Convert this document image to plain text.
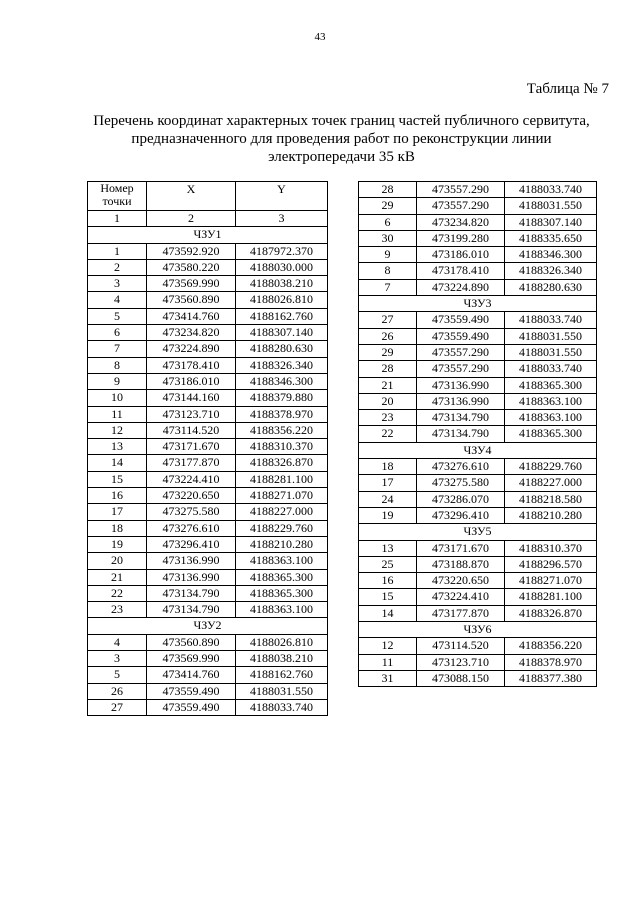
43
Таблица № 7
Перечень координат характерных точек границ частей публичного сервитута,
предназначенного для проведения работ по реконструкции линии
электропередачи 35 кВ
Номер
точки	X	Y
1	2	3
ЧЗУ1		
1	473592.920	4187972.370
2	473580.220	4188030.000
3	473569.990	4188038.210
4	473560.890	4188026.810
5	473414.760	4188162.760
6	473234.820	4188307.140
7	473224.890	4188280.630
8	473178.410	4188326.340
9	473186.010	4188346.300
10	473144.160	4188379.880
11	473123.710	4188378.970
12	473114.520	4188356.220
13	473171.670	4188310.370
14	473177.870	4188326.870
15	473224.410	4188281.100
16	473220.650	4188271.070
17	473275.580	4188227.000
18	473276.610	4188229.760
19	473296.410	4188210.280
20	473136.990	4188363.100
21	473136.990	4188365.300
22	473134.790	4188365.300
23	473134.790	4188363.100
ЧЗУ2		
4	473560.890	4188026.810
3	473569.990	4188038.210
5	473414.760	4188162.760
26	473559.490	4188031.550
27	473559.490	4188033.740
28	473557.290	4188033.740
29	473557.290	4188031.550
6	473234.820	4188307.140
30	473199.280	4188335.650
9	473186.010	4188346.300
8	473178.410	4188326.340
7	473224.890	4188280.630
ЧЗУ3		
27	473559.490	4188033.740
26	473559.490	4188031.550
29	473557.290	4188031.550
28	473557.290	4188033.740
21	473136.990	4188365.300
20	473136.990	4188363.100
23	473134.790	4188363.100
22	473134.790	4188365.300
ЧЗУ4		
18	473276.610	4188229.760
17	473275.580	4188227.000
24	473286.070	4188218.580
19	473296.410	4188210.280
ЧЗУ5		
13	473171.670	4188310.370
25	473188.870	4188296.570
16	473220.650	4188271.070
15	473224.410	4188281.100
14	473177.870	4188326.870
ЧЗУ6		
12	473114.520	4188356.220
11	473123.710	4188378.970
31	473088.150	4188377.380
